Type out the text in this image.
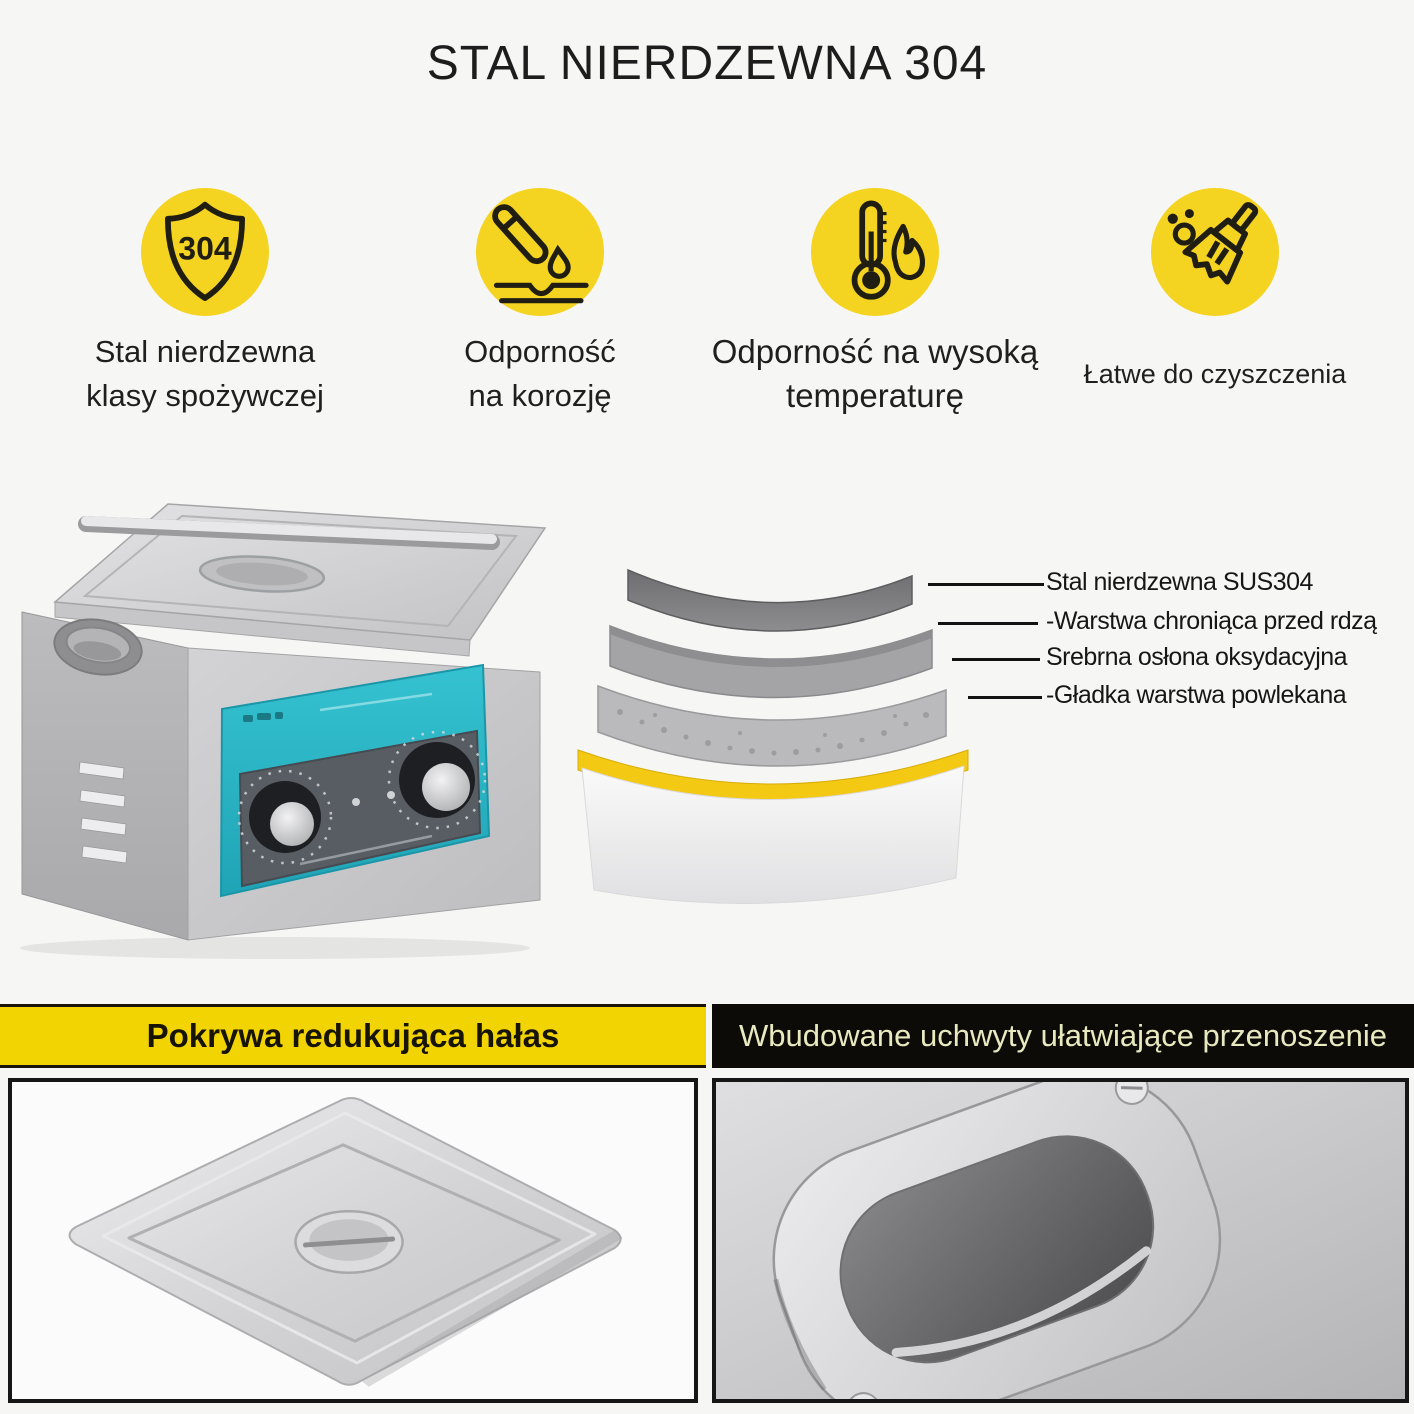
STAL NIERDZEWNA 304
304
Stal nierdzewna
klasy spożywczej
Odporność
na korozję
Odporność na wysoką
temperaturę
Łatwe do czyszczenia
Stal nierdzewna SUS304
-Warstwa chroniąca przed rdzą
Srebrna osłona oksydacyjna
-Gładka warstwa powlekana
Pokrywa redukująca hałas	Wbudowane uchwyty ułatwiające przenoszenie
